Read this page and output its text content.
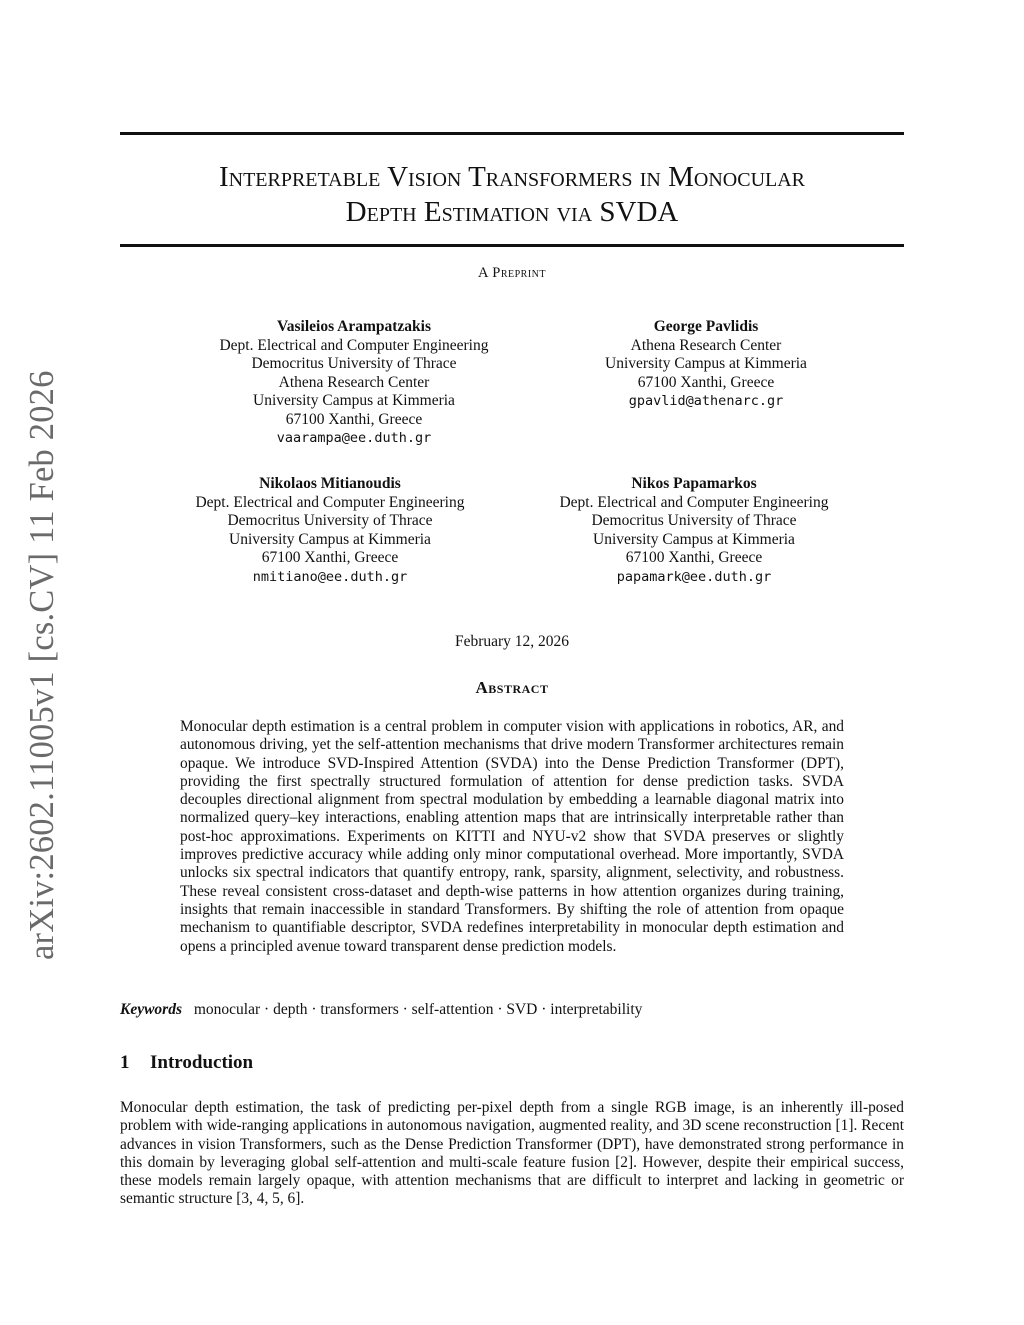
arXiv:2602.11005v1 [cs.CV] 11 Feb 2026
Interpretable Vision Transformers in Monocular
Depth Estimation via SVDA
A Preprint
Vasileios Arampatzakis
Dept. Electrical and Computer Engineering
Democritus University of Thrace
Athena Research Center
University Campus at Kimmeria
67100 Xanthi, Greece
vaarampa@ee.duth.gr
George Pavlidis
Athena Research Center
University Campus at Kimmeria
67100 Xanthi, Greece
gpavlid@athenarc.gr
Nikolaos Mitianoudis
Dept. Electrical and Computer Engineering
Democritus University of Thrace
University Campus at Kimmeria
67100 Xanthi, Greece
nmitiano@ee.duth.gr
Nikos Papamarkos
Dept. Electrical and Computer Engineering
Democritus University of Thrace
University Campus at Kimmeria
67100 Xanthi, Greece
papamark@ee.duth.gr
February 12, 2026
Abstract

Monocular depth estimation is a central problem in computer vision with applications in robotics, AR, and autonomous driving, yet the self-attention mechanisms that drive modern Transformer architectures remain opaque. We introduce SVD-Inspired Attention (SVDA) into the Dense Prediction Transformer (DPT), providing the first spectrally structured formulation of attention for dense prediction tasks. SVDA decouples directional alignment from spectral modulation by embedding a learnable diagonal matrix into normalized query–key interactions, enabling attention maps that are intrinsically interpretable rather than post-hoc approximations. Experiments on KITTI and NYU-v2 show that SVDA preserves or slightly improves predictive accuracy while adding only minor computational overhead. More importantly, SVDA unlocks six spectral indicators that quantify entropy, rank, sparsity, alignment, selectivity, and robustness. These reveal consistent cross-dataset and depth-wise patterns in how attention organizes during training, insights that remain inaccessible in standard Transformers. By shifting the role of attention from opaque mechanism to quantifiable descriptor, SVDA redefines interpretability in monocular depth estimation and opens a principled avenue toward transparent dense prediction models.

Keywords monocular · depth · transformers · self-attention · SVD · interpretability
1 Introduction

Monocular depth estimation, the task of predicting per-pixel depth from a single RGB image, is an inherently ill-posed problem with wide-ranging applications in autonomous navigation, augmented reality, and 3D scene reconstruction [1]. Recent advances in vision Transformers, such as the Dense Prediction Transformer (DPT), have demonstrated strong performance in this domain by leveraging global self-attention and multi-scale feature fusion [2]. However, despite their empirical success, these models remain largely opaque, with attention mechanisms that are difficult to interpret and lacking in geometric or semantic structure [3, 4, 5, 6].
